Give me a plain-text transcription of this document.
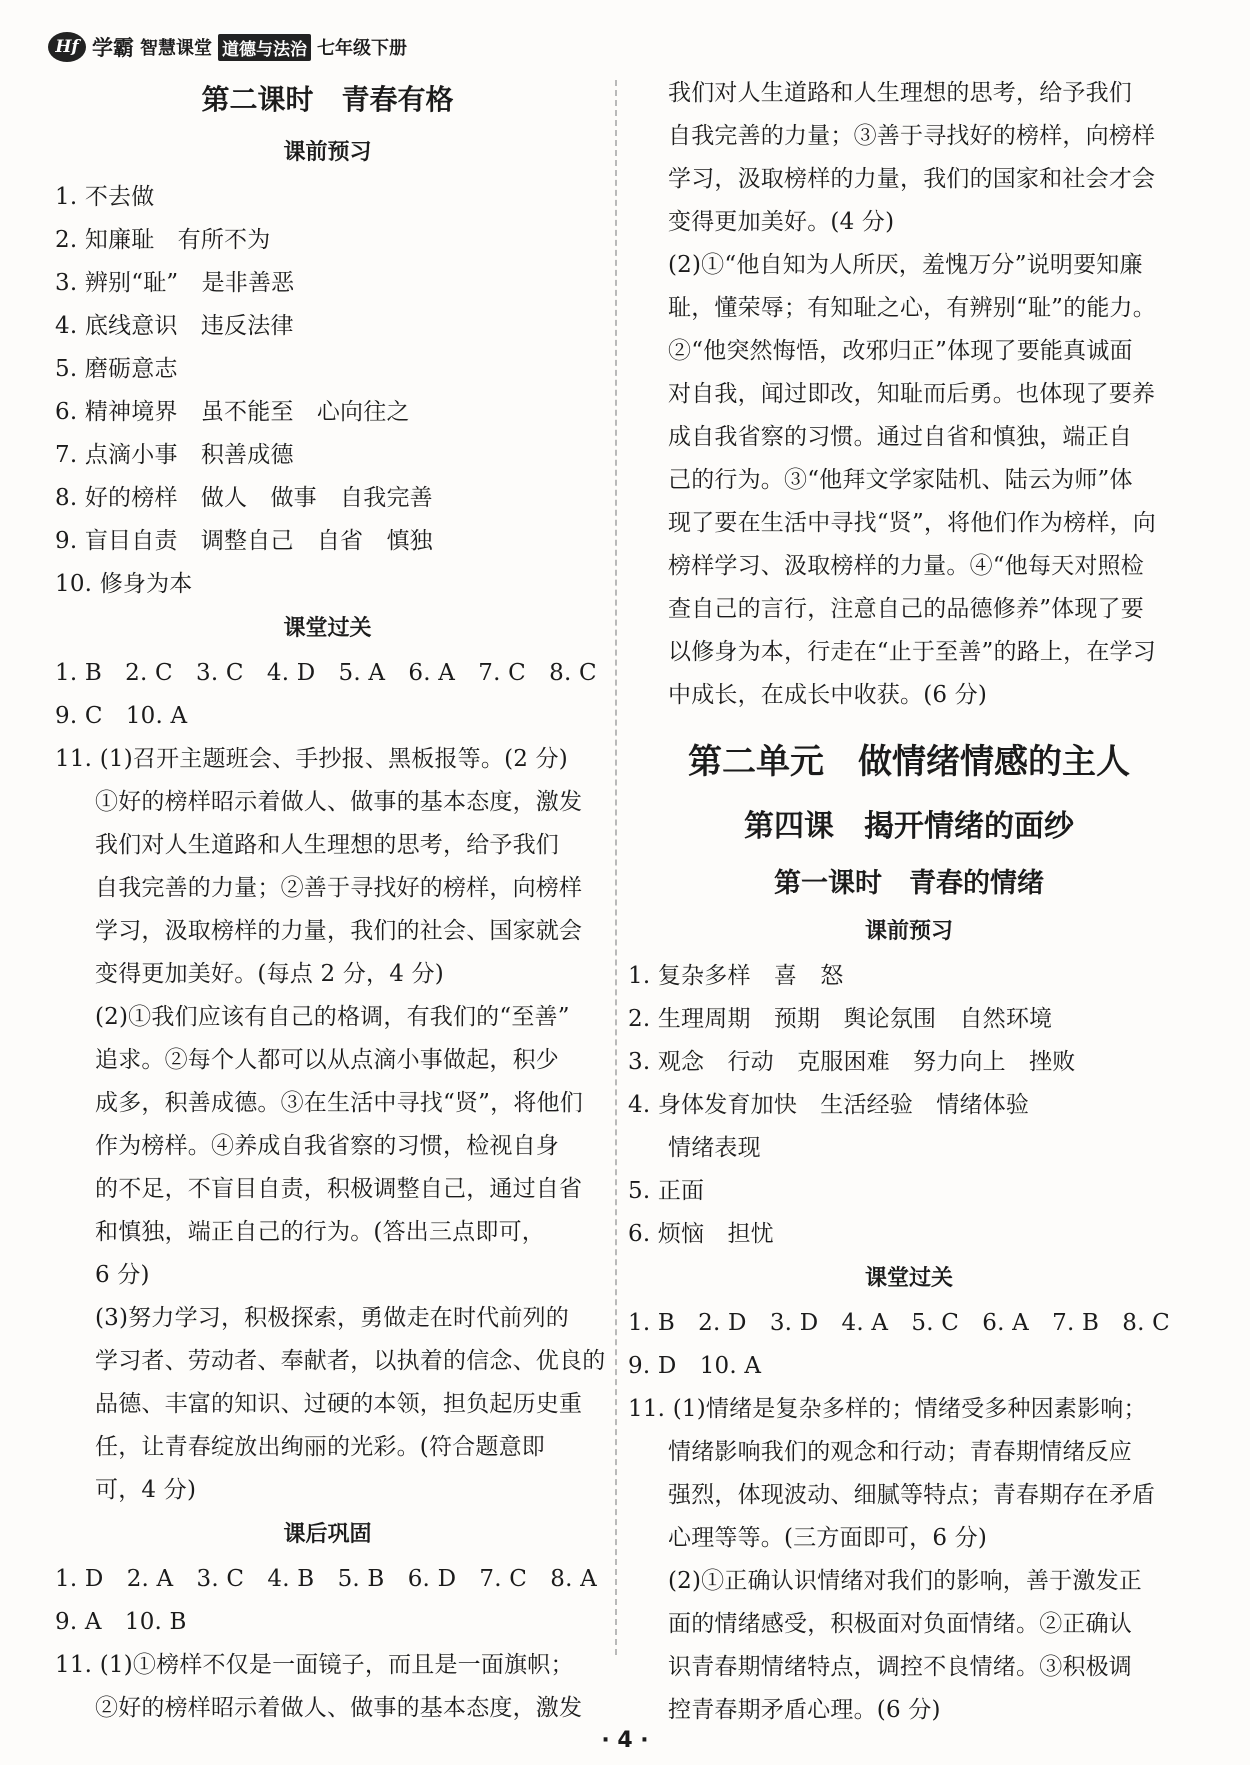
Hf 学霸 智慧课堂 道德与法治 七年级下册
第二课时　青春有格
课前预习
1. 不去做
2. 知廉耻　有所不为
3. 辨别“耻”　是非善恶
4. 底线意识　违反法律
5. 磨砺意志
6. 精神境界　虽不能至　心向往之
7. 点滴小事　积善成德
8. 好的榜样　做人　做事　自我完善
9. 盲目自责　调整自己　自省　慎独
10. 修身为本
课堂过关
1. B　2. C　3. C　4. D　5. A　6. A　7. C　8. C
9. C　10. A
11. (1)召开主题班会、手抄报、黑板报等。(2 分)
①好的榜样昭示着做人、做事的基本态度，激发
我们对人生道路和人生理想的思考，给予我们
自我完善的力量；②善于寻找好的榜样，向榜样
学习，汲取榜样的力量，我们的社会、国家就会
变得更加美好。(每点 2 分，4 分)
(2)①我们应该有自己的格调，有我们的“至善”
追求。②每个人都可以从点滴小事做起，积少
成多，积善成德。③在生活中寻找“贤”，将他们
作为榜样。④养成自我省察的习惯，检视自身
的不足，不盲目自责，积极调整自己，通过自省
和慎独，端正自己的行为。(答出三点即可，
6 分)
(3)努力学习，积极探索，勇做走在时代前列的
学习者、劳动者、奉献者，以执着的信念、优良的
品德、丰富的知识、过硬的本领，担负起历史重
任，让青春绽放出绚丽的光彩。(符合题意即
可，4 分)
课后巩固
1. D　2. A　3. C　4. B　5. B　6. D　7. C　8. A
9. A　10. B
11. (1)①榜样不仅是一面镜子，而且是一面旗帜；
②好的榜样昭示着做人、做事的基本态度，激发
我们对人生道路和人生理想的思考，给予我们
自我完善的力量；③善于寻找好的榜样，向榜样
学习，汲取榜样的力量，我们的国家和社会才会
变得更加美好。(4 分)
(2)①“他自知为人所厌，羞愧万分”说明要知廉
耻，懂荣辱；有知耻之心，有辨别“耻”的能力。
②“他突然悔悟，改邪归正”体现了要能真诚面
对自我，闻过即改，知耻而后勇。也体现了要养
成自我省察的习惯。通过自省和慎独，端正自
己的行为。③“他拜文学家陆机、陆云为师”体
现了要在生活中寻找“贤”，将他们作为榜样，向
榜样学习、汲取榜样的力量。④“他每天对照检
查自己的言行，注意自己的品德修养”体现了要
以修身为本，行走在“止于至善”的路上，在学习
中成长，在成长中收获。(6 分)
第二单元　做情绪情感的主人
第四课　揭开情绪的面纱
第一课时　青春的情绪
课前预习
1. 复杂多样　喜　怒
2. 生理周期　预期　舆论氛围　自然环境
3. 观念　行动　克服困难　努力向上　挫败
4. 身体发育加快　生活经验　情绪体验
情绪表现
5. 正面
6. 烦恼　担忧
课堂过关
1. B　2. D　3. D　4. A　5. C　6. A　7. B　8. C
9. D　10. A
11. (1)情绪是复杂多样的；情绪受多种因素影响；
情绪影响我们的观念和行动；青春期情绪反应
强烈，体现波动、细腻等特点；青春期存在矛盾
心理等等。(三方面即可，6 分)
(2)①正确认识情绪对我们的影响，善于激发正
面的情绪感受，积极面对负面情绪。②正确认
识青春期情绪特点，调控不良情绪。③积极调
控青春期矛盾心理。(6 分)
· 4 ·
